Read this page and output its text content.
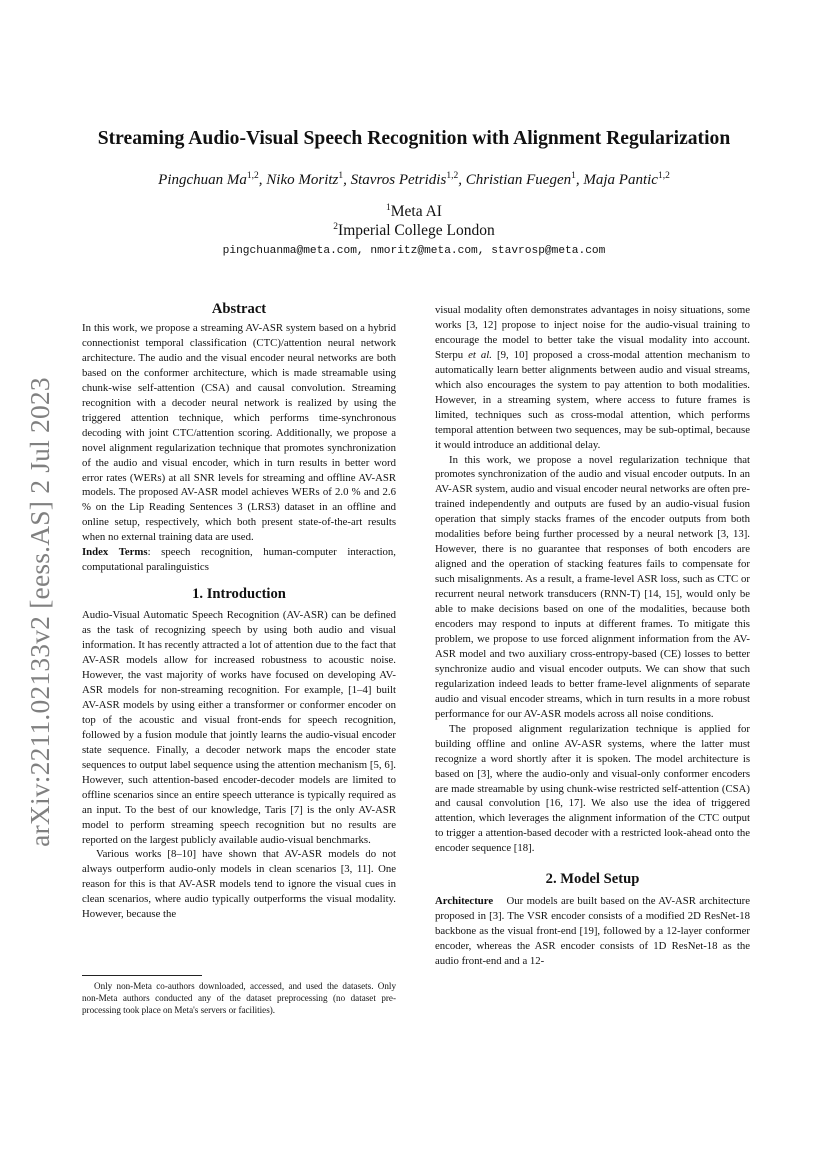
arXiv:2211.02133v2 [eess.AS] 2 Jul 2023
Streaming Audio-Visual Speech Recognition with Alignment Regularization
Pingchuan Ma$^{1,2}$, Niko Moritz$^1$, Stavros Petridis$^{1,2}$, Christian Fuegen$^1$, Maja Pantic$^{1,2}$
$^1$Meta AI
$^2$Imperial College London
pingchuanma@meta.com, nmoritz@meta.com, stavrosp@meta.com

Abstract

In this work, we propose a streaming AV-ASR system based on a hybrid connectionist temporal classification (CTC)/attention neural network architecture. The audio and the visual encoder neural networks are both based on the conformer architecture, which is made streamable using chunk-wise self-attention (CSA) and causal convolution. Streaming recognition with a decoder neural network is realized by using the triggered attention technique, which performs time-synchronous decoding with joint CTC/attention scoring. Additionally, we propose a novel alignment regularization technique that promotes synchronization of the audio and visual encoder, which in turn results in better word error rates (WERs) at all SNR levels for streaming and offline AV-ASR models. The proposed AV-ASR model achieves WERs of 2.0 % and 2.6 % on the Lip Reading Sentences 3 (LRS3) dataset in an offline and online setup, respectively, which both present state-of-the-art results when no external training data are used.

Index Terms: speech recognition, human-computer interaction, computational paralinguistics

1. Introduction

Audio-Visual Automatic Speech Recognition (AV-ASR) can be defined as the task of recognizing speech by using both audio and visual information. It has recently attracted a lot of attention due to the fact that AV-ASR models allow for increased robustness to acoustic noise. However, the vast majority of works have focused on developing AV-ASR models for non-streaming recognition. For example, [1–4] built AV-ASR models by using either a transformer or conformer encoder on top of the acoustic and visual front-ends for speech recognition, followed by a fusion module that jointly learns the audio-visual encoder state sequence. Finally, a decoder network maps the encoder state sequences to output label sequence using the attention mechanism [5, 6]. However, such attention-based encoder-decoder models are limited to offline scenarios since an entire speech utterance is typically required as an input. To the best of our knowledge, Taris [7] is the only AV-ASR model to perform streaming speech recognition but no results are reported on the largest publicly available audio-visual benchmarks.

Various works [8–10] have shown that AV-ASR models do not always outperform audio-only models in clean scenarios [3, 11]. One reason for this is that AV-ASR models tend to ignore the visual cues in clean scenarios, where audio typically outperforms the visual modality. However, because the

Only non-Meta co-authors downloaded, accessed, and used the datasets. Only non-Meta authors conducted any of the dataset preprocessing (no dataset pre-processing took place on Meta's servers or facilities).

visual modality often demonstrates advantages in noisy situations, some works [3, 12] propose to inject noise for the audio-visual training to encourage the model to better take the visual modality into account. Sterpu et al. [9, 10] proposed a cross-modal attention mechanism to automatically learn better alignments between audio and visual streams, which also encourages the system to pay attention to both modalities. However, in a streaming system, where access to future frames is limited, techniques such as cross-modal attention, which performs temporal attention between two sequences, may be sub-optimal, because it would introduce an additional delay.

In this work, we propose a novel regularization technique that promotes synchronization of the audio and visual encoder outputs. In an AV-ASR system, audio and visual encoder neural networks are often pre-trained independently and outputs are fused by an audio-visual fusion operation that simply stacks frames of the encoder outputs from both modalities before being further processed by a neural network [3, 13]. However, there is no guarantee that responses of both encoders are aligned and the operation of stacking features fails to compensate for such misalignments. As a result, a frame-level ASR loss, such as CTC or recurrent neural network transducers (RNN-T) [14, 15], would only be able to make decisions based on one of the modalities, because both encoders may respond to inputs at different frames. To mitigate this problem, we propose to use forced alignment information from the AV-ASR model and two auxiliary cross-entropy-based (CE) losses to better synchronize audio and visual encoder outputs. We can show that such regularization indeed leads to better frame-level alignments of separate audio and visual encoder streams, which in turn results in a more robust performance for our AV-ASR models across all noise conditions.

The proposed alignment regularization technique is applied for building offline and online AV-ASR systems, where the latter must recognize a word shortly after it is spoken. The model architecture is based on [3], where the audio-only and visual-only conformer encoders are made streamable by using chunk-wise restricted self-attention (CSA) and causal convolution [16, 17]. We also use the idea of triggered attention, which leverages the alignment information of the CTC output to trigger a attention-based decoder with a restricted look-ahead onto the encoder sequence [18].

2. Model Setup

Architecture Our models are built based on the AV-ASR architecture proposed in [3]. The VSR encoder consists of a modified 2D ResNet-18 backbone as the visual front-end [19], followed by a 12-layer conformer encoder, whereas the ASR encoder consists of 1D ResNet-18 as the audio front-end and a 12-
